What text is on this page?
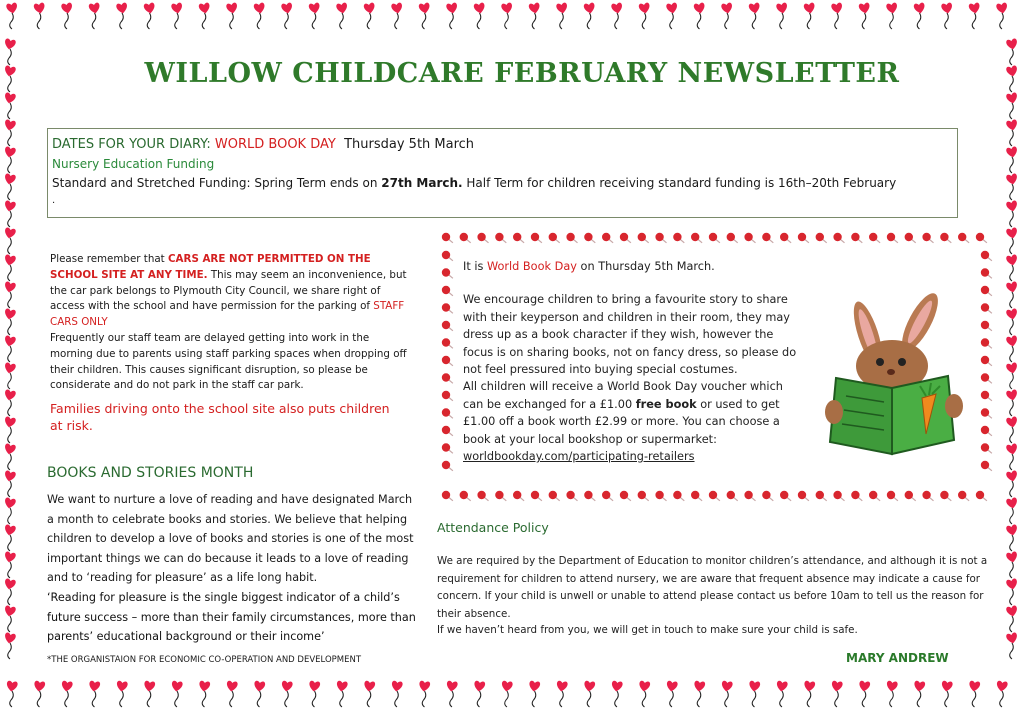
WILLOW CHILDCARE FEBRUARY NEWSLETTER
DATES FOR YOUR DIARY: WORLD BOOK DAY Thursday 5th March
Nursery Education Funding
Standard and Stretched Funding: Spring Term ends on 27th March. Half Term for children receiving standard funding is 16th–20th February
.
Please remember that CARS ARE NOT PERMITTED ON THE SCHOOL SITE AT ANY TIME. This may seem an inconvenience, but the car park belongs to Plymouth City Council, we share right of access with the school and have permission for the parking of STAFF CARS ONLY
Frequently our staff team are delayed getting into work in the morning due to parents using staff parking spaces when dropping off their children. This causes significant disruption, so please be considerate and do not park in the staff car park.
Families driving onto the school site also puts children at risk.
BOOKS AND STORIES MONTH
We want to nurture a love of reading and have designated March a month to celebrate books and stories. We believe that helping children to develop a love of books and stories is one of the most important things we can do because it leads to a love of reading and to ‘reading for pleasure’ as a life long habit.
‘Reading for pleasure is the single biggest indicator of a child’s future success – more than their family circumstances, more than parents’ educational background or their income’
*THE ORGANISTAION FOR ECONOMIC CO-OPERATION AND DEVELOPMENT

It is World Book Day on Thursday 5th March.

We encourage children to bring a favourite story to share with their keyperson and children in their room, they may dress up as a book character if they wish, however the focus is on sharing books, not on fancy dress, so please do not feel pressured into buying special costumes.

All children will receive a World Book Day voucher which can be exchanged for a £1.00 free book or used to get £1.00 off a book worth £2.99 or more. You can choose a book at your local bookshop or supermarket: worldbookday.com/participating-retailers

Attendance Policy
We are required by the Department of Education to monitor children’s attendance, and although it is not a requirement for children to attend nursery, we are aware that frequent absence may indicate a cause for concern. If your child is unwell or unable to attend please contact us before 10am to tell us the reason for their absence.
If we haven’t heard from you, we will get in touch to make sure your child is safe.
MARY ANDREW
